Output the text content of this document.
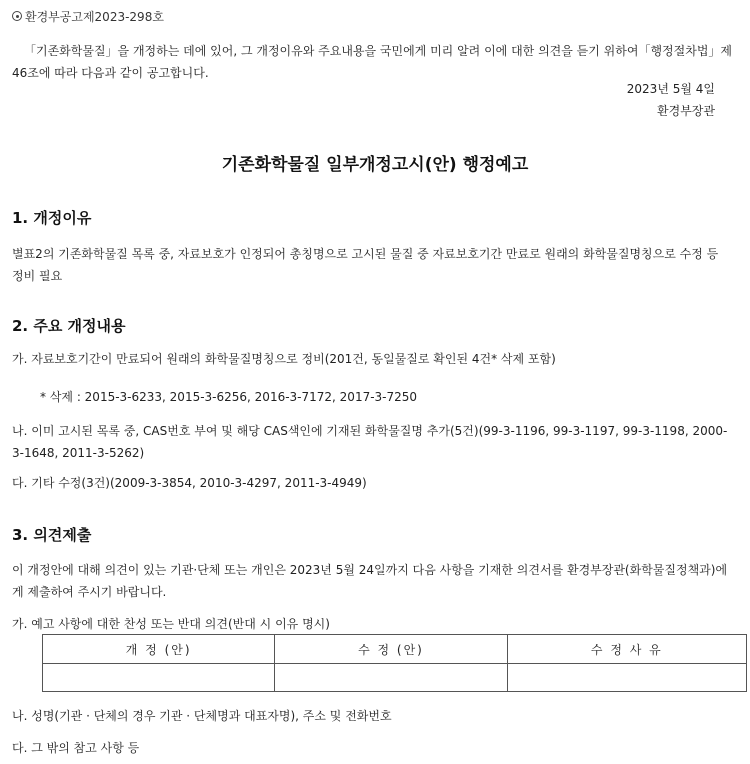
환경부공고제2023-298호
「기존화학물질」을 개정하는 데에 있어, 그 개정이유와 주요내용을 국민에게 미리 알려 이에 대한 의견을 듣기 위하여「행정절차법」제46조에 따라 다음과 같이 공고합니다.
2023년 5월 4일
환경부장관
기존화학물질 일부개정고시(안) 행정예고
1. 개정이유
별표2의 기존화학물질 목록 중, 자료보호가 인정되어 총칭명으로 고시된 물질 중 자료보호기간 만료로 원래의 화학물질명칭으로 수정 등 정비 필요
2. 주요 개정내용
가. 자료보호기간이 만료되어 원래의 화학물질명칭으로 정비(201건, 동일물질로 확인된 4건* 삭제 포함)
* 삭제 : 2015-3-6233, 2015-3-6256, 2016-3-7172, 2017-3-7250
나. 이미 고시된 목록 중, CAS번호 부여 및 해당 CAS색인에 기재된 화학물질명 추가(5건)(99-3-1196, 99-3-1197, 99-3-1198, 2000-3-1648, 2011-3-5262)
다. 기타 수정(3건)(2009-3-3854, 2010-3-4297, 2011-3-4949)
3. 의견제출
이 개정안에 대해 의견이 있는 기관·단체 또는 개인은 2023년 5월 24일까지 다음 사항을 기재한 의견서를 환경부장관(화학물질정책과)에게 제출하여 주시기 바랍니다.
가. 예고 사항에 대한 찬성 또는 반대 의견(반대 시 이유 명시)
개 정 (안)	수 정 (안)	수 정 사 유

나. 성명(기관 · 단체의 경우 기관 · 단체명과 대표자명), 주소 및 전화번호
다. 그 밖의 참고 사항 등
